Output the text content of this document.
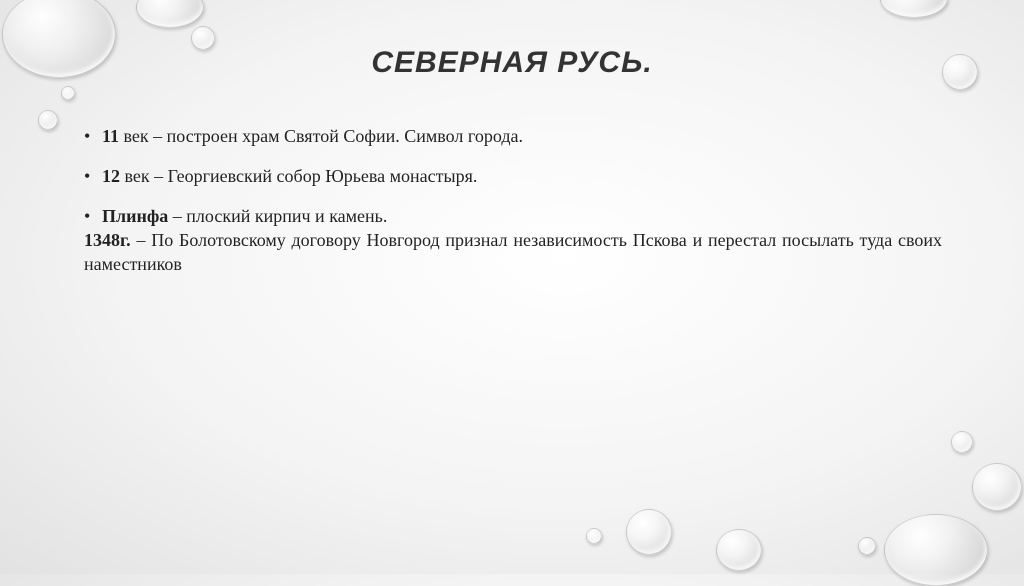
СЕВЕРНАЯ РУСЬ.
• 11 век – построен храм Святой Софии. Символ города.
• 12 век – Георгиевский собор Юрьева монастыря.
• Плинфа – плоский кирпич и камень.
1348г. – По Болотовскому договору Новгород признал независимость Пскова и перестал посылать туда своих наместников
